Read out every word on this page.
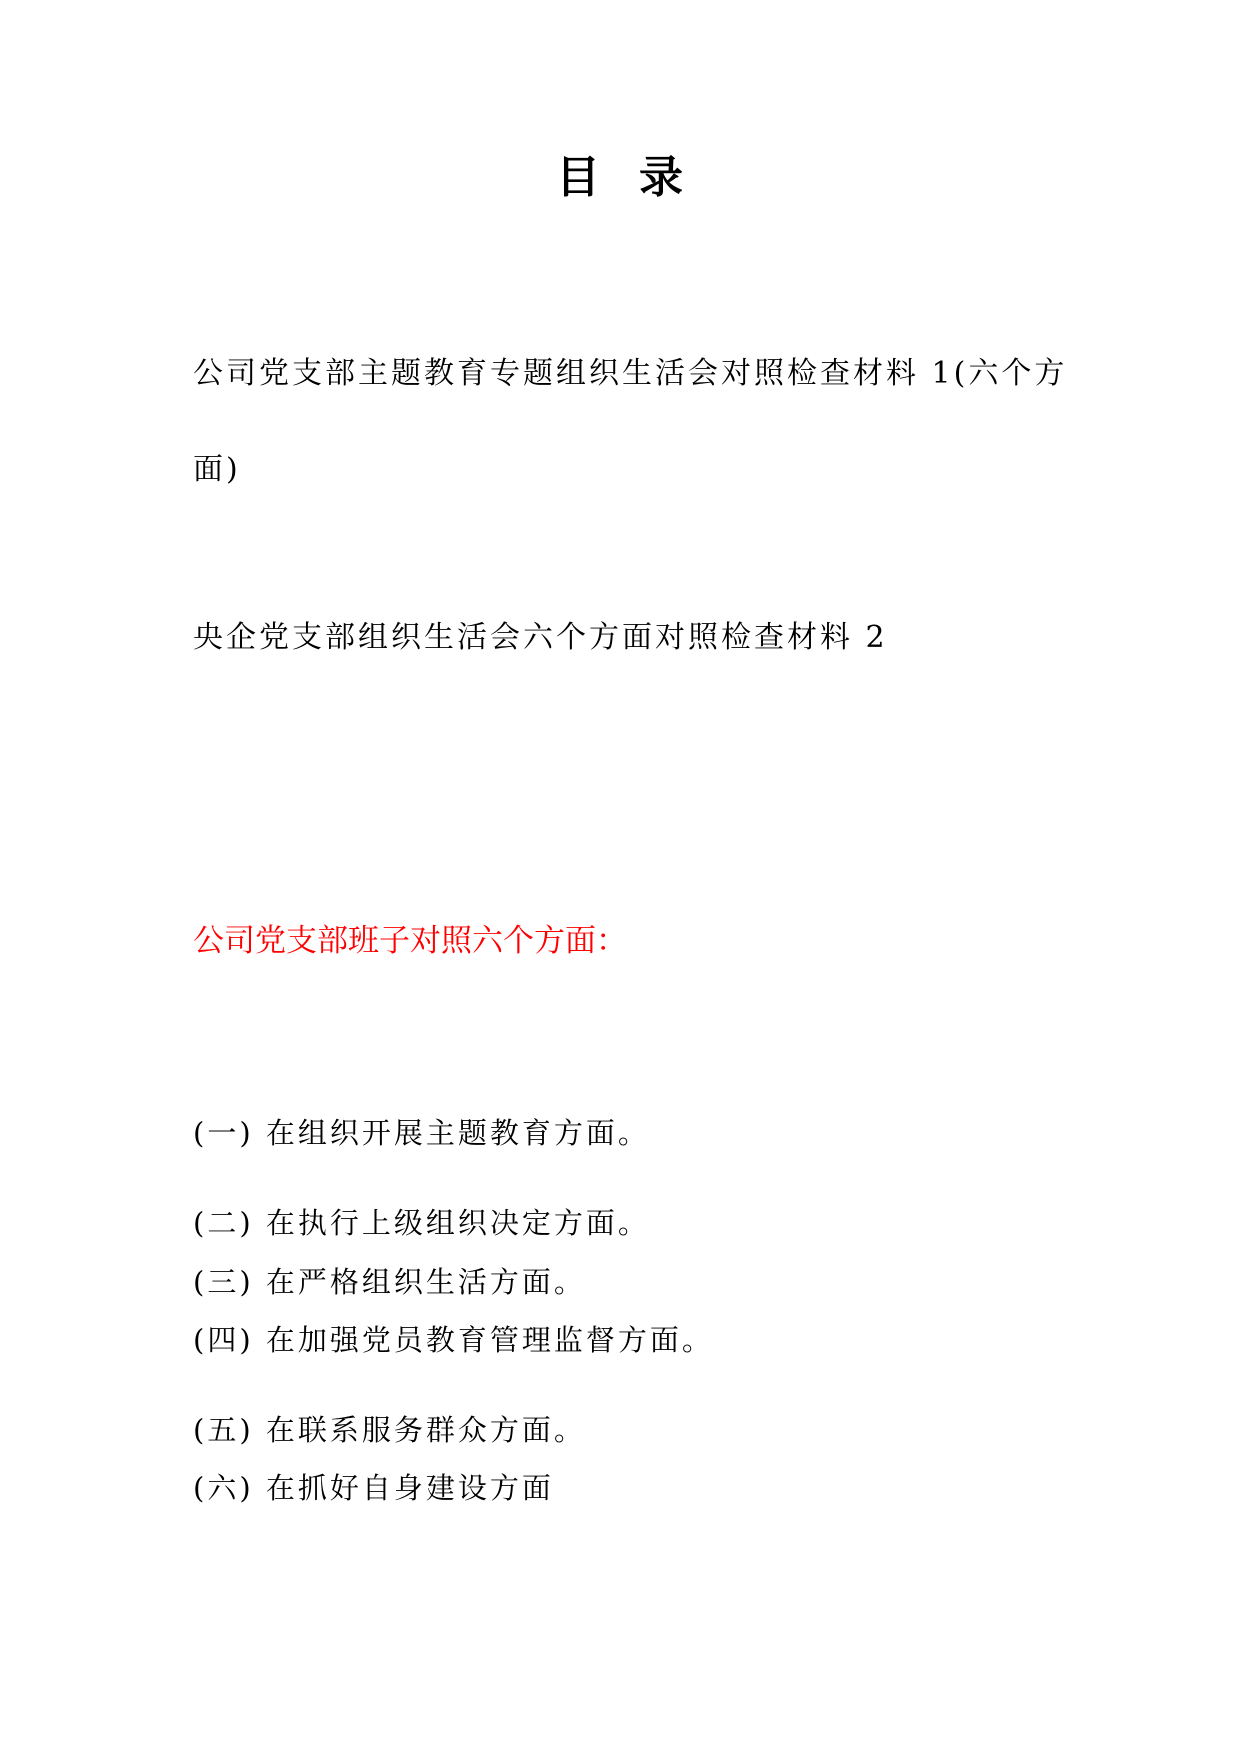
目 录
公司党支部主题教育专题组织生活会对照检查材料 1(六个方面)
央企党支部组织生活会六个方面对照检查材料 2
公司党支部班子对照六个方面：
(一) 在组织开展主题教育方面。
(二) 在执行上级组织决定方面。
(三) 在严格组织生活方面。
(四) 在加强党员教育管理监督方面。
(五) 在联系服务群众方面。
(六) 在抓好自身建设方面
